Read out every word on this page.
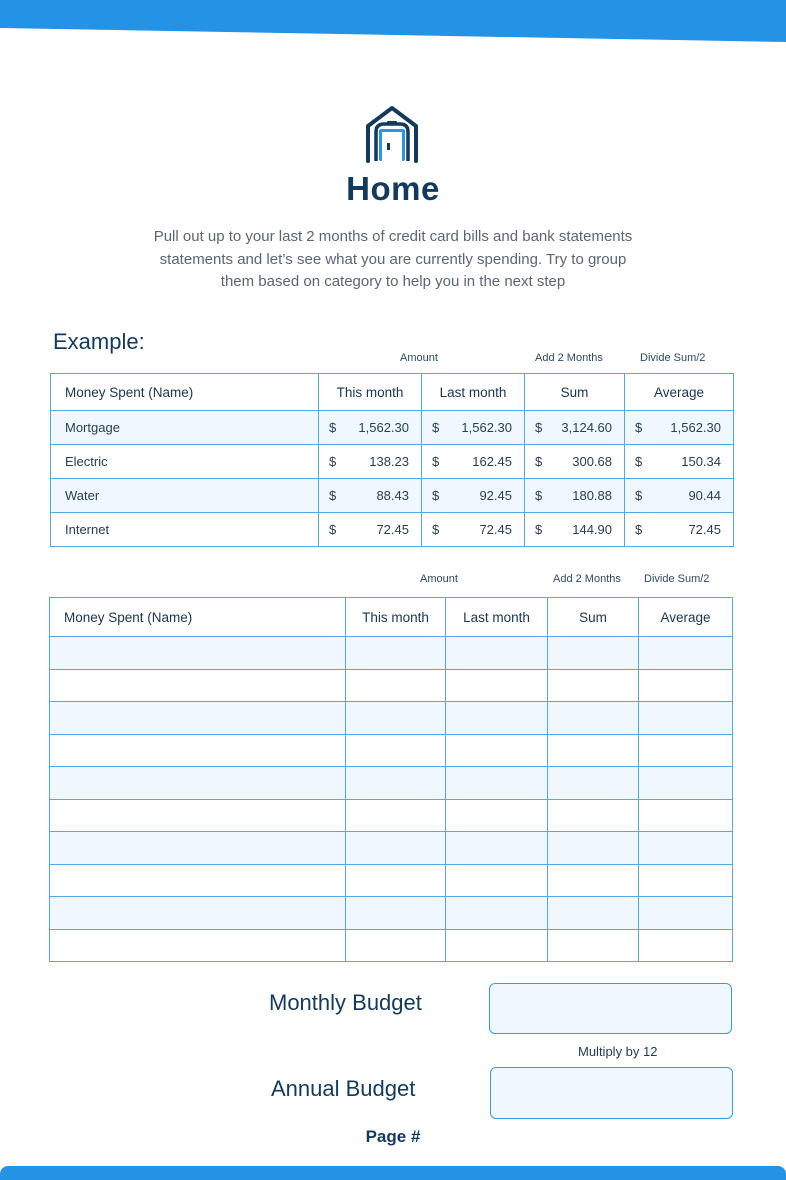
Home
Pull out up to your last 2 months of credit card bills and bank statements
statements and let’s see what you are currently spending. Try to group
them based on category to help you in the next step
Example:
Amount	Add 2 Months	Divide Sum/2
Money Spent (Name)	This month	Last month	Sum	Average
Mortgage	$ 1,562.30	$ 1,562.30	$ 3,124.60	$ 1,562.30

Electric	$ 138.23	$ 162.45	$ 300.68	$ 150.34

Water	$ 88.43	$ 92.45	$ 180.88	$ 90.44

Internet	$ 72.45	$ 72.45	$ 144.90	$ 72.45
Amount	Add 2 Months Divide Sum/2
Money Spent (Name)	This month	Last month	Sum	Average

Monthly Budget
Multiply by 12
Annual Budget
Page #
